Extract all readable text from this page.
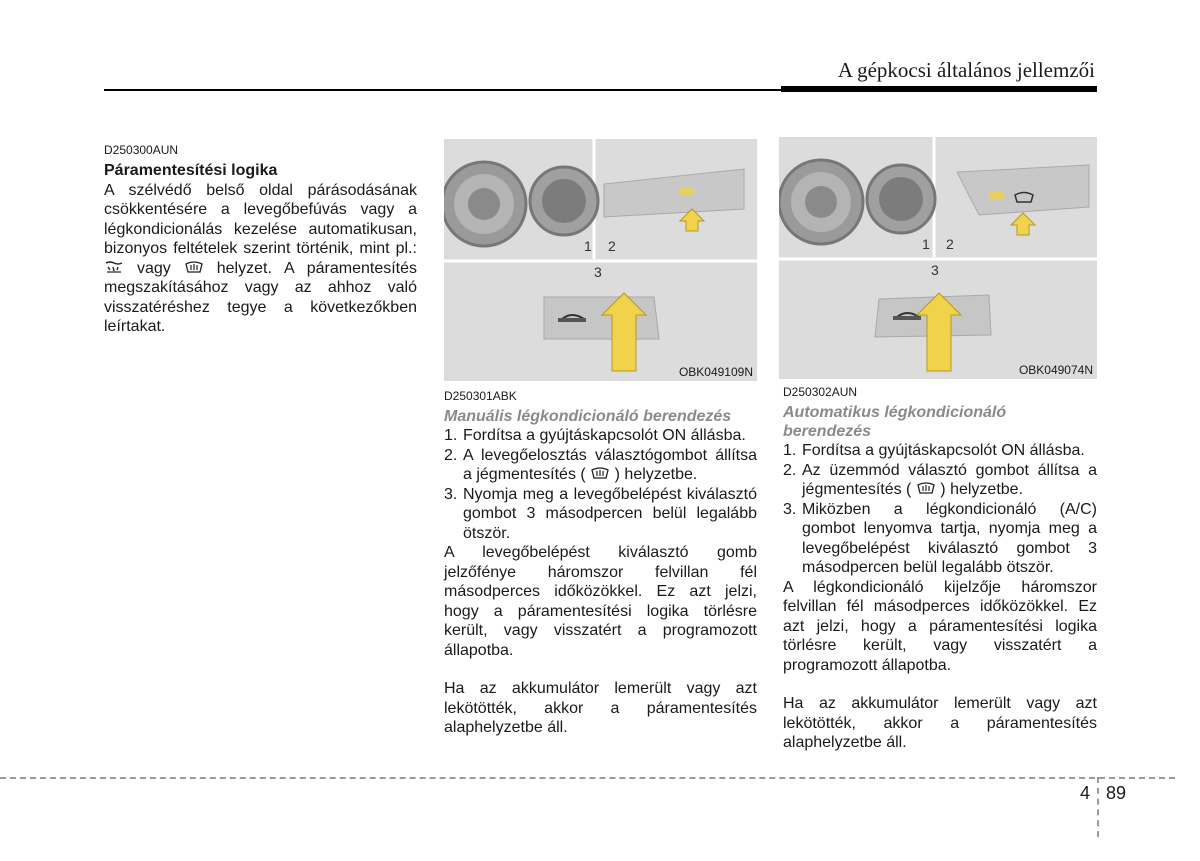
A gépkocsi általános jellemzői
D250300AUN
Páramentesítési logika

A szélvédő belső oldal párásodásának csökkentésére a levegőbefúvás vagy a légkondicionálás kezelése automatikusan, bizonyos feltételek szerint történik, mint pl.:  vagy	helyzet. A páramentesítés megszakításához vagy az ahhoz való visszatéréshez tegye a következőkben leírtakat.

1 2
3
OBK049109N
1 2
3
OBK049074N
D250301ABK
Manuális légkondicionáló berendezés
1. Fordítsa a gyújtáskapcsolót ON állásba.
2. A levegőelosztás választógombot állítsa a jégmentesítés ( ) helyzetbe.
3. Nyomja meg a levegőbelépést kiválasztó gombot 3 másodpercen belül legalább ötször.

A levegőbelépést kiválasztó gomb jelzőfénye háromszor felvillan fél másodperces időközökkel. Ez azt jelzi, hogy a páramentesítési logika törlésre került, vagy visszatért a programozott állapotba.

Ha az akkumulátor lemerült vagy azt lekötötték, akkor a páramentesítés alaphelyzetbe áll.

D250302AUN
Automatikus légkondicionáló berendezés
1. Fordítsa a gyújtáskapcsolót ON állásba.
2. Az üzemmód választó gombot állítsa a jégmentesítés ( ) helyzetbe.
3. Miközben a légkondicionáló (A/C) gombot lenyomva tartja, nyomja meg a levegőbelépést kiválasztó gombot 3 másodpercen belül legalább ötször.

A légkondicionáló kijelzője háromszor felvillan fél másodperces időközökkel. Ez azt jelzi, hogy a páramentesítési logika törlésre került, vagy visszatért a programozott állapotba.

Ha az akkumulátor lemerült vagy azt lekötötték, akkor a páramentesítés alaphelyzetbe áll.

4 89
